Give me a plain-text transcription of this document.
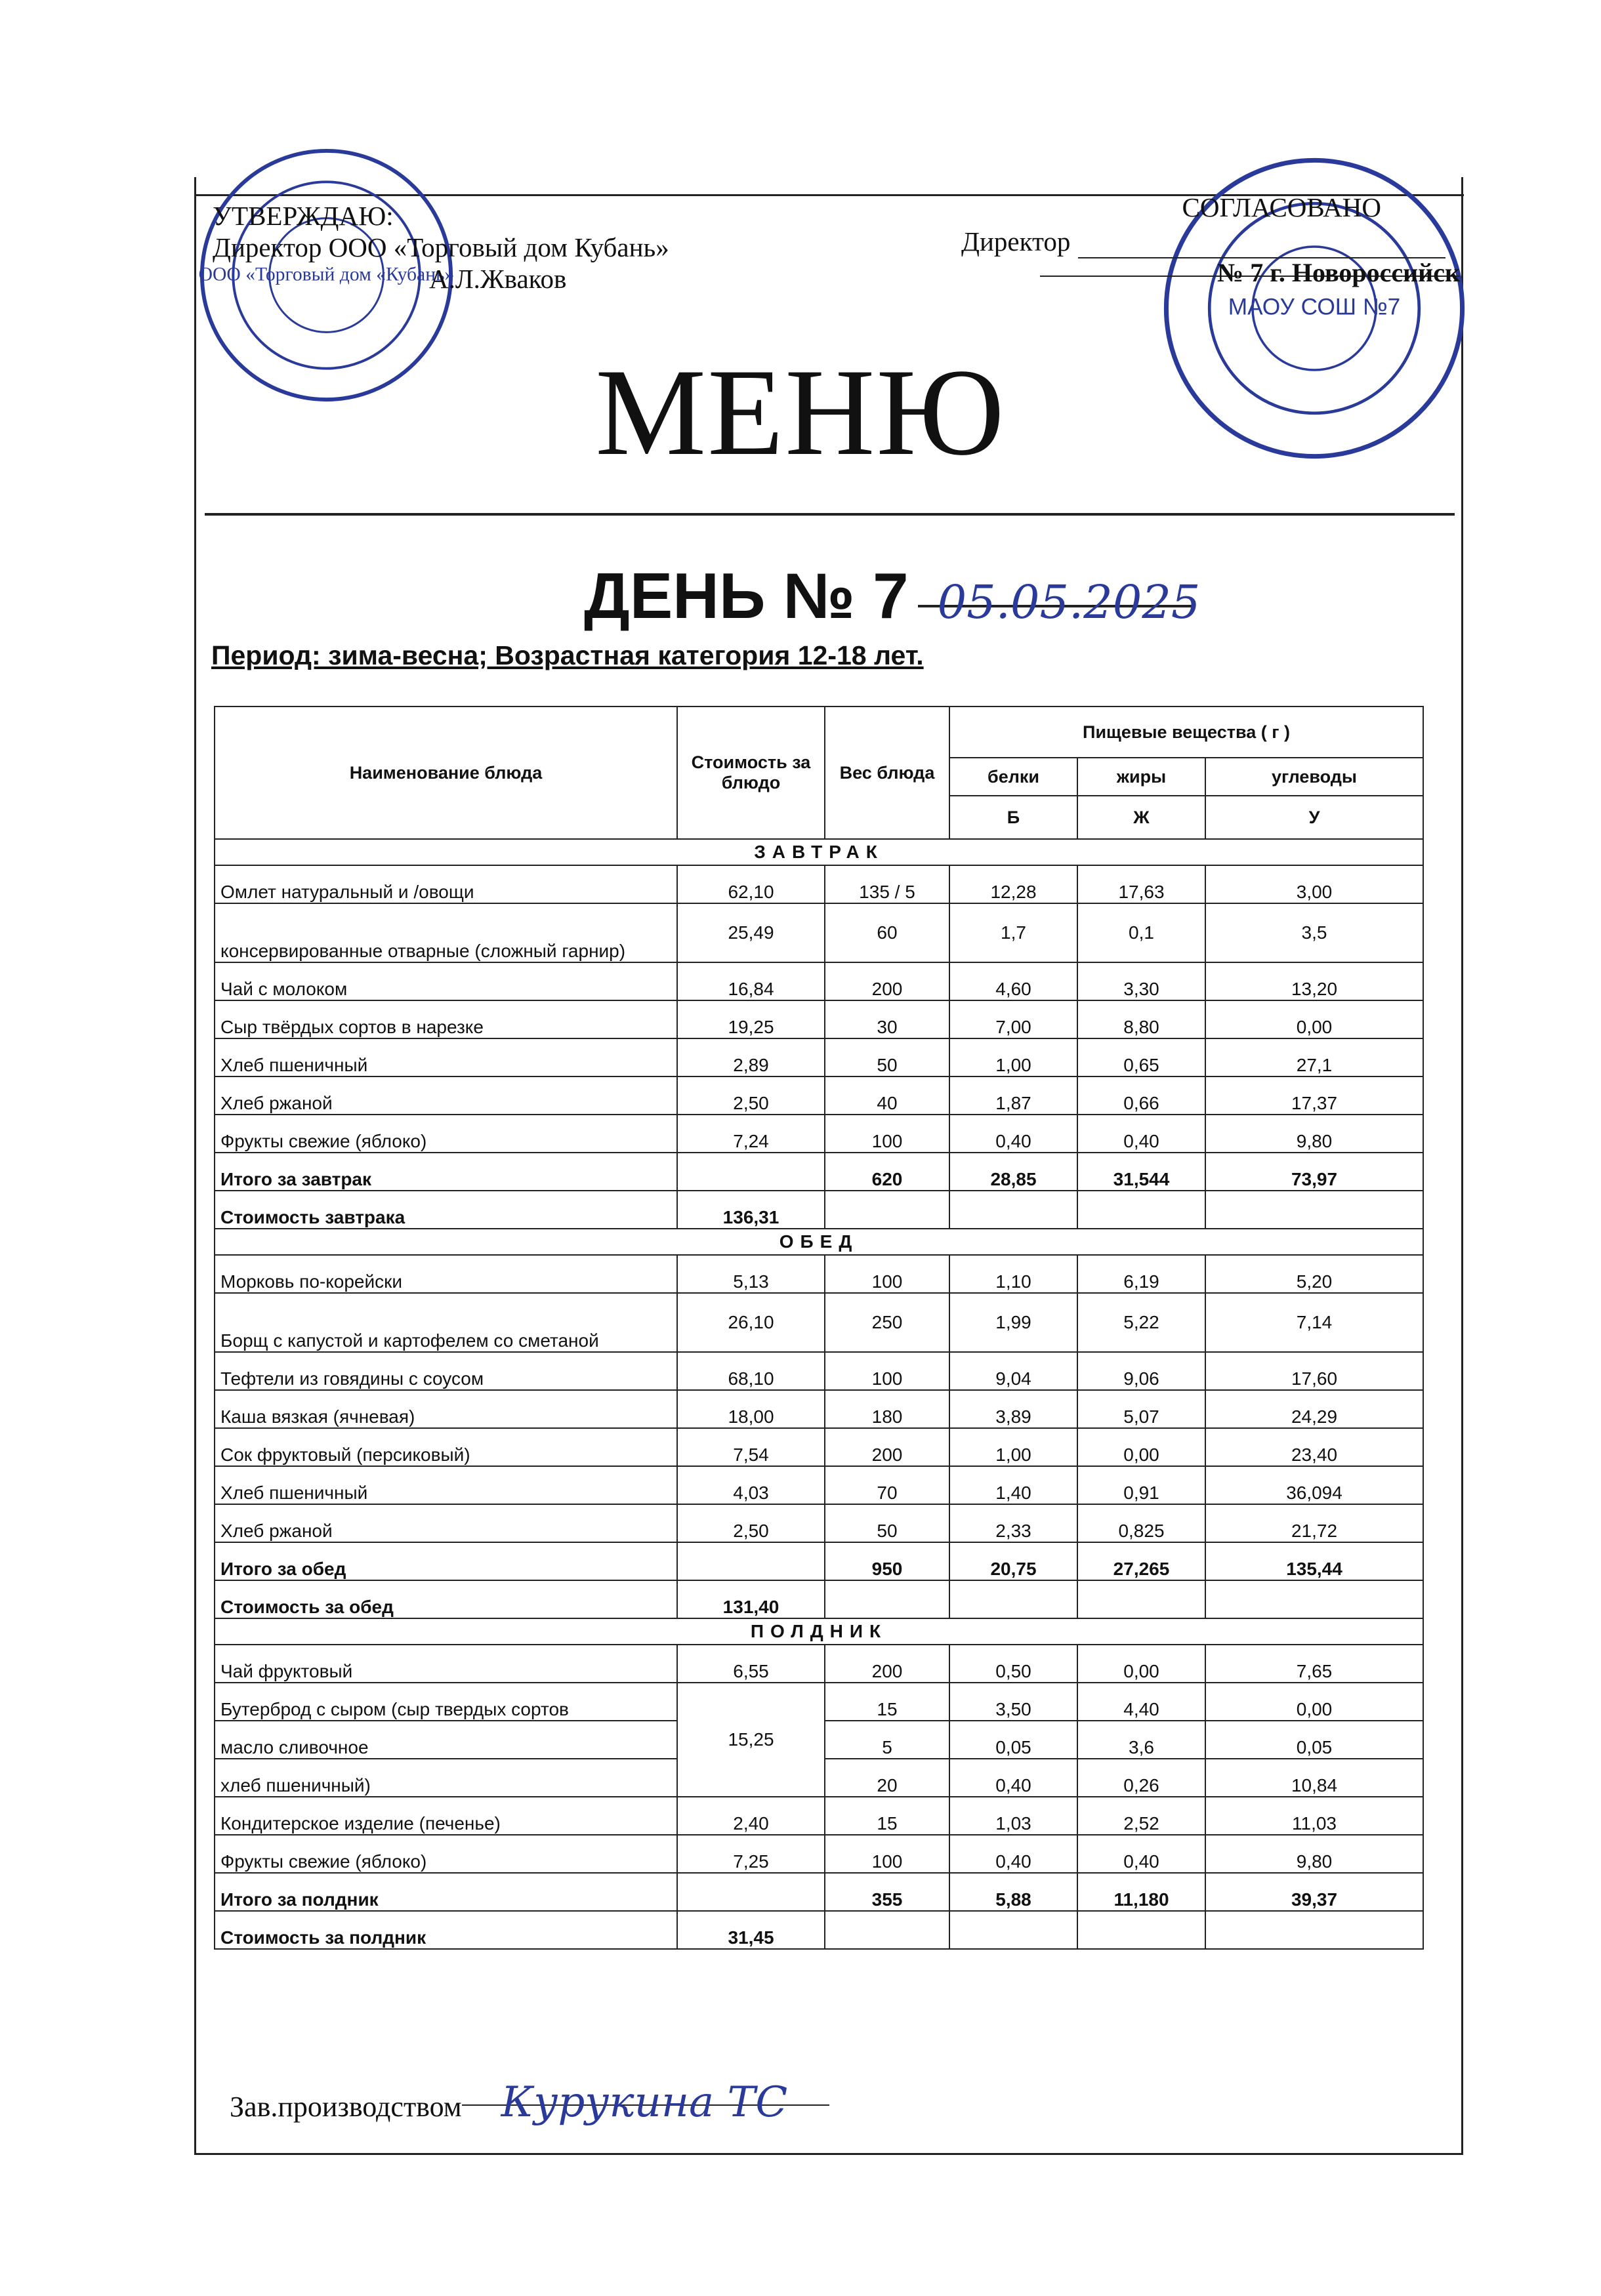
ООО «Торговый дом «Кубань»
МАОУ СОШ №7
УТВЕРЖДАЮ:
Директор ООО «Торговый дом Кубань»
А.Л.Жваков
СОГЛАСОВАНО
Директор
№ 7 г. Новороссийск
МЕНЮ
ДЕНЬ № 7 05.05.2025
Период: зима-весна; Возрастная категория 12-18 лет.
Наименование блюда	Стоимость за блюдо	Вес блюда	Пищевые вещества ( г )		
			белки	жиры	углеводы
			Б	Ж	У
ЗАВТРАК					
Омлет натуральный и /овощи	62,10	135 / 5	12,28	17,63	3,00
консервированные отварные (сложный гарнир)	25,49	60	1,7	0,1	3,5
Чай с молоком	16,84	200	4,60	3,30	13,20
Сыр твёрдых сортов в нарезке	19,25	30	7,00	8,80	0,00
Хлеб пшеничный	2,89	50	1,00	0,65	27,1
Хлеб ржаной	2,50	40	1,87	0,66	17,37
Фрукты свежие (яблоко)	7,24	100	0,40	0,40	9,80
Итого за завтрак		620	28,85	31,544	73,97
Стоимость завтрака	136,31				
ОБЕД					
Морковь по-корейски	5,13	100	1,10	6,19	5,20
Борщ с капустой и картофелем со сметаной	26,10	250	1,99	5,22	7,14
Тефтели из говядины с соусом	68,10	100	9,04	9,06	17,60
Каша вязкая (ячневая)	18,00	180	3,89	5,07	24,29
Сок фруктовый (персиковый)	7,54	200	1,00	0,00	23,40
Хлеб пшеничный	4,03	70	1,40	0,91	36,094
Хлеб ржаной	2,50	50	2,33	0,825	21,72
Итого за обед		950	20,75	27,265	135,44
Стоимость за обед	131,40				
ПОЛДНИК					
Чай фруктовый	6,55	200	0,50	0,00	7,65
Бутерброд с сыром (сыр твердых сортов	15,25	15	3,50	4,40	0,00
масло сливочное		5	0,05	3,6	0,05
хлеб пшеничный)		20	0,40	0,26	10,84
Кондитерское изделие (печенье)	2,40	15	1,03	2,52	11,03
Фрукты свежие (яблоко)	7,25	100	0,40	0,40	9,80
Итого за полдник		355	5,88	11,180	39,37
Стоимость за полдник	31,45				
Зав.производством Курукина ТС
